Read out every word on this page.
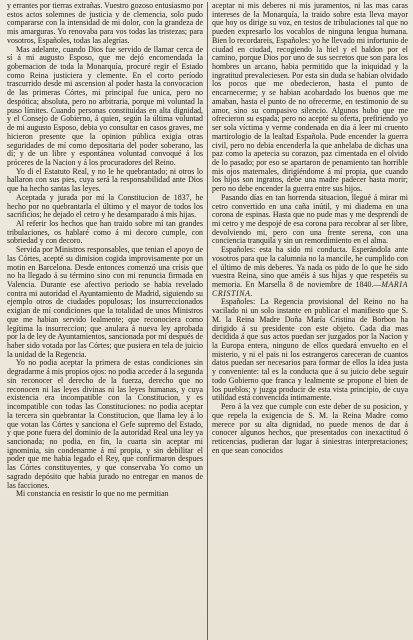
y errantes por tierras extrañas. Vuestro gozoso entusiasmo por estos actos solemnes de justicia y de clemencia, solo pudo compararse con la intensidad de mi dolor, con la grandeza de mis amarguras. Yo renovaba para vos todas las tristezas; para vosotros, Españoles, todas las alegrías.

Mas adelante, cuando Dios fue servido de llamar cerca de sí á mi augusto Esposo, que me dejó encomendada la gobernacion de toda la Monarquía, procuré regir el Estado como Reina justiciera y clemente. En el corto período trascurrido desde mi ascension al poder hasta la convocacion de las primeras Córtes, mi principal fue unica, pero no despótica; absoluta, pero no arbitraria, porque mi voluntad la puso límites. Cuando personas constituidas en alta dignidad, y el Consejo de Gobierno, á quien, según la última voluntad de mi augusto Esposo, debia yo consultar en casos graves, me hicieron presente que la opinion pública exigia otras seguridades de mí como depositaria del poder soberano, las dí; y de un libre y espontánea voluntad convoqué á los próceres de la Nacion y á los procuradores del Reino.

Yo di el Estatuto Real, y no le he quebrantado; ni otros lo hallaron con sus pies, cuya será la responsabilidad ante Dios que ha hecho santas las leyes.

Aceptada y jurada por mí la Constitucion de 1837, he hecho por no quebrantarla el último y el mayor de todos los sacrificios; he dejado el cetro y he desamparado á mis hijas.

Al referir los hechos que han traido sobre mí tan grandes tribulaciones, os hablaré como á mi decoro cumple, con sobriedad y con decoro.

Servida por Ministros responsables, que tenian el apoyo de las Córtes, acepté su dimision cogida improvisamente por un motin en Barcelona. Desde entonces comenzó una crisis que no ha llegado á su término sino con mi renuncia firmada en Valencia. Durante ese afectivo periodo se habia revelado contra mi autoridad el Ayuntamiento de Madrid, siguiendo su ejemplo otros de ciudades populosas; los insurreccionados exigian de mí condiciones que la totalidad de unos Ministros que me habian servido lealmente; que reconociera como legítima la insurreccion; que anulara á nueva ley aprobada por la de ley de Ayuntamientos, sancionada por mí después de haber sido votada por las Córtes; que pusiera en tela de juicio la unidad de la Regencia.

Yo no podia aceptar la primera de estas condiciones sin degradarme á mis propios ojos: no podia acceder á la segunda sin reconocer el derecho de la fuerza, derecho que no reconocen ni las leyes divinas ni las leyes humanas, y cuya existencia era incompatible con la Constitucion, y es incompatible con todas las Constituciones: no podia aceptar la tercera sin quebrantar la Constitucion, que llama ley á lo que votan las Córtes y sanciona el Gefe supremo del Estado, y que pone fuera del dominio de la autoridad Real una ley ya sancionada; no podia, en fin, la cuarta sin aceptar mi ignominia, sin condenarme á mí propia, y sin debilitar el poder que me habia legado el Rey, que confirmaron despues las Córtes constituyentes, y que conservaba Yo como un sagrado depósito que habia jurado no entregar en manos de las facciones.

Mi constancia en resistir lo que no me permitian

aceptar ni mis deberes ni mis juramentos, ni las mas caras intereses de la Monarquía, la traido sobre esta lleva mayor que hoy os dirige su voz, en testos de tribulaciones tal que no pueden expresarlo los vocablos de ninguna lengua humana. Bien lo recordareis, Españoles: yo he llevado mi infortunio de ciudad en ciudad, recogiendo la hiel y el baldon por el camino, porque Dios por uno de sus secretos que son para los hombres un arcano, habia permitido que la iniquidad y la ingratitud prevaleciesen. Por esta sin duda se habian olvidado los pocos que me obedecieron, hasta el punto de encarnecerme; y se habian acobardado los buenos que me amaban, hasta el punto de no ofrecerme, en testimonio de su amor, sino su compasivo silencio. Algunos hubo que me ofrecieron su espada; pero no acepté su oferta, prefiriendo yo ser sola víctima y verme condenada en dia á leer mi cruento martirologio de la lealtad Española. Pude encender la guerra civil, pero no debia encenderla la que anhelaba de dichas una paz como la apetecia su corazon, paz cimentada en el olvido de lo pasado; por eso se apartaron de penamiento tan horrible mis ojos maternales, dirigiéndome á mí propia, que cuando los hijos son ingratos, debe una madre padecer hasta morir; pero no debe encender la guerra entre sus hijos.

Pasando días en tan horrenda situacion, llegué á mirar mi cetro convertido en una caña inútil, y mi diadema en una corona de espinas. Hasta que no pude mas y me desprendí de mi cetro y me despojé de esa corona para recobrar al ser libre, devolviendo mi, pero con una frente serena, con una conciencia tranquila y sin un remordimiento en el alma.

Españoles: esta ha sido mi conducta. Esperándola ante vosotros para que la calumnia no la mancile, he cumplido con el último de mis deberes. Ya nada os pido de lo que he sido vuestra Reina, sino que améis á sus hijas y que respetéis su memoria. En Marsella 8 de noviembre de 1840.—MARIA CRISTINA.

Españoles: La Regencia provisional del Reino no ha vacilado ni un solo instante en publicar el manifiesto que S. M. la Reina Madre Doña María Cristina de Borbon ha dirigido á su presidente con este objeto. Cada dia mas decidida á que sus actos puedan ser juzgados por la Nacion y la Europa entera, ninguno de ellos quedará envuelto en el misterio, y ni el pais ni los estrangeros careceran de cuantos datos puedan ser necesarios para formar de ellos la idea justa y conveniente: tal es la conducta que á su juicio debe seguir todo Gobierno que franca y lealmente se propone el bien de los pueblos; y juzga producir de esta vista principio, de cuya utilidad está convencida íntimamente.

Pero á la vez que cumple con este deber de su posicion, y que repela la exigencia de S. M. la Reina Madre como merece por su alta dignidad, no puede menos de dar á conocer algunos hechos, que presentados con inexactitud ó reticencias, pudieran dar lugar á siniestras interpretaciones; en que sean conocidos
